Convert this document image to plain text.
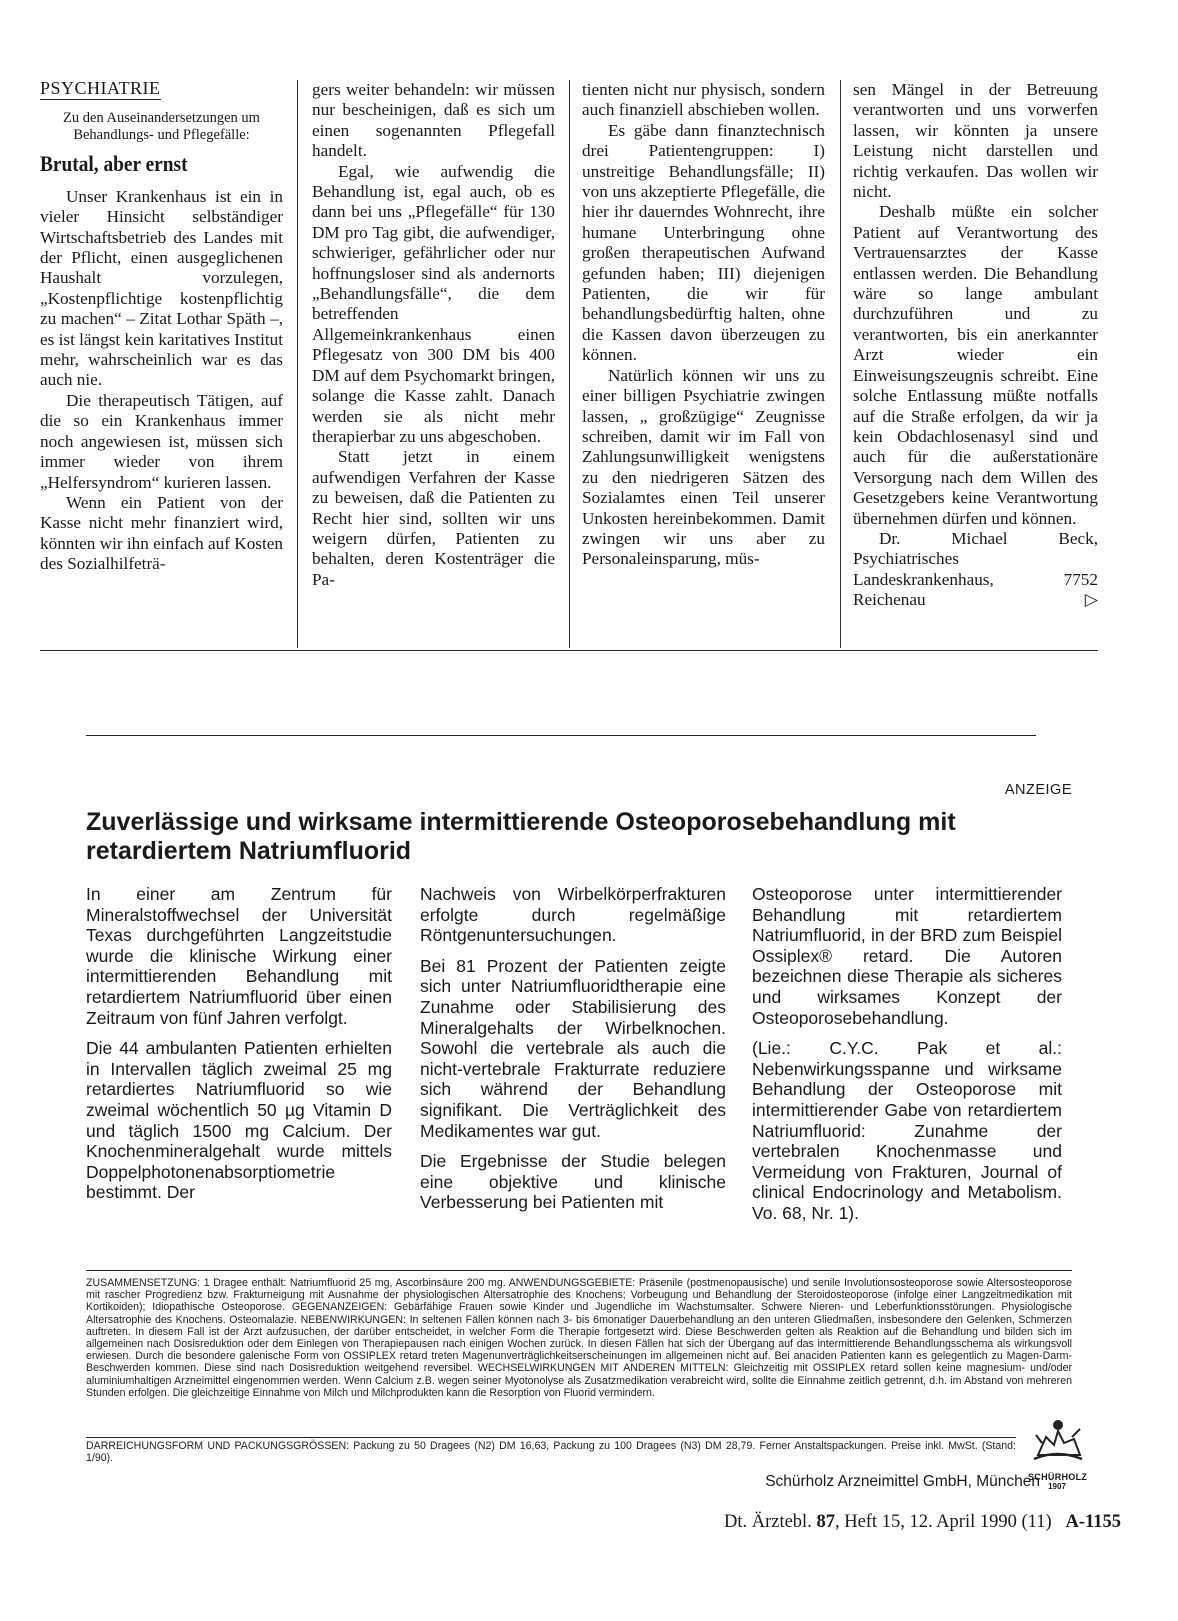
PSYCHIATRIE
Zu den Auseinandersetzungen um Behandlungs- und Pflegefälle:
Brutal, aber ernst

Unser Krankenhaus ist ein in vieler Hinsicht selbständiger Wirtschaftsbetrieb des Landes mit der Pflicht, einen ausgeglichenen Haushalt vorzulegen, „Kostenpflichtige kostenpflichtig zu machen“ – Zitat Lothar Späth –, es ist längst kein karitatives Institut mehr, wahrscheinlich war es das auch nie.

Die therapeutisch Tätigen, auf die so ein Krankenhaus immer noch angewiesen ist, müssen sich immer wieder von ihrem „Helfersyndrom“ kurieren lassen.

Wenn ein Patient von der Kasse nicht mehr finanziert wird, könnten wir ihn einfach auf Kosten des Sozialhilfeträ-

gers weiter behandeln: wir müssen nur bescheinigen, daß es sich um einen sogenannten Pflegefall handelt.

Egal, wie aufwendig die Behandlung ist, egal auch, ob es dann bei uns „Pflegefälle“ für 130 DM pro Tag gibt, die aufwendiger, schwieriger, gefährlicher oder nur hoffnungsloser sind als andernorts „Behandlungsfälle“, die dem betreffenden Allgemeinkrankenhaus einen Pflegesatz von 300 DM bis 400 DM auf dem Psychomarkt bringen, solange die Kasse zahlt. Danach werden sie als nicht mehr therapierbar zu uns abgeschoben.

Statt jetzt in einem aufwendigen Verfahren der Kasse zu beweisen, daß die Patienten zu Recht hier sind, sollten wir uns weigern dürfen, Patienten zu behalten, deren Kostenträger die Pa-

tienten nicht nur physisch, sondern auch finanziell abschieben wollen.

Es gäbe dann finanztechnisch drei Patientengruppen: I) unstreitige Behandlungsfälle; II) von uns akzeptierte Pflegefälle, die hier ihr dauerndes Wohnrecht, ihre humane Unterbringung ohne großen therapeutischen Aufwand gefunden haben; III) diejenigen Patienten, die wir für behandlungsbedürftig halten, ohne die Kassen davon überzeugen zu können.

Natürlich können wir uns zu einer billigen Psychiatrie zwingen lassen, „ großzügige“ Zeugnisse schreiben, damit wir im Fall von Zahlungsunwilligkeit wenigstens zu den niedrigeren Sätzen des Sozialamtes einen Teil unserer Unkosten hereinbekommen. Damit zwingen wir uns aber zu Personaleinsparung, müs-

sen Mängel in der Betreuung verantworten und uns vorwerfen lassen, wir könnten ja unsere Leistung nicht darstellen und richtig verkaufen. Das wollen wir nicht.

Deshalb müßte ein solcher Patient auf Verantwortung des Vertrauensarztes der Kasse entlassen werden. Die Behandlung wäre so lange ambulant durchzuführen und zu verantworten, bis ein anerkannter Arzt wieder ein Einweisungszeugnis schreibt. Eine solche Entlassung müßte notfalls auf die Straße erfolgen, da wir ja kein Obdachlosenasyl sind und auch für die außerstationäre Versorgung nach dem Willen des Gesetzgebers keine Verantwortung übernehmen dürfen und können.

Dr. Michael Beck, Psychiatrisches Landeskrankenhaus, 7752 Reichenau	▷

ANZEIGE
Zuverlässige und wirksame intermittierende Osteoporosebehandlung mit retardiertem Natriumfluorid

In einer am Zentrum für Mineralstoffwechsel der Universität Texas durchgeführten Langzeitstudie wurde die klinische Wirkung einer intermittierenden Behandlung mit retardiertem Natriumfluorid über einen Zeitraum von fünf Jahren verfolgt.

Die 44 ambulanten Patienten erhielten in Intervallen täglich zweimal 25 mg retardiertes Natriumfluorid so wie zweimal wöchentlich 50 µg Vitamin D und täglich 1500 mg Calcium. Der Knochenmineralgehalt wurde mittels Doppelphotonenabsorptiometrie bestimmt. Der

Nachweis von Wirbelkörperfrakturen erfolgte durch regelmäßige Röntgenuntersuchungen.

Bei 81 Prozent der Patienten zeigte sich unter Natriumfluoridtherapie eine Zunahme oder Stabilisierung des Mineralgehalts der Wirbelknochen. Sowohl die vertebrale als auch die nicht-vertebrale Frakturrate reduziere sich während der Behandlung signifikant. Die Verträglichkeit des Medikamentes war gut.

Die Ergebnisse der Studie belegen eine objektive und klinische Verbesserung bei Patienten mit

Osteoporose unter intermittierender Behandlung mit retardiertem Natriumfluorid, in der BRD zum Beispiel Ossiplex® retard. Die Autoren bezeichnen diese Therapie als sicheres und wirksames Konzept der Osteoporosebehandlung.

(Lie.: C.Y.C. Pak et al.: Nebenwirkungsspanne und wirksame Behandlung der Osteoporose mit intermittierender Gabe von retardiertem Natriumfluorid: Zunahme der vertebralen Knochenmasse und Vermeidung von Frakturen, Journal of clinical Endocrinology and Metabolism. Vo. 68, Nr. 1).

ZUSAMMENSETZUNG: 1 Dragee enthält: Natriumfluorid 25 mg, Ascorbinsäure 200 mg. ANWENDUNGSGEBIETE: Präsenile (postmenopausische) und senile Involutionsosteoporose sowie Altersosteoporose mit rascher Progredienz bzw. Frakturneigung mit Ausnahme der physiologischen Altersatrophie des Knochens; Vorbeugung und Behandlung der Steroidosteoporose (infolge einer Langzeitmedikation mit Kortikoiden); Idiopathische Osteoporose. GEGENANZEIGEN: Gebärfähige Frauen sowie Kinder und Jugendliche im Wachstumsalter. Schwere Nieren- und Leberfunktionsstörungen. Physiologische Altersatrophie des Knochens. Osteomalazie. NEBENWIRKUNGEN: In seltenen Fällen können nach 3- bis 6monatiger Dauerbehandlung an den unteren Gliedmaßen, insbesondere den Gelenken, Schmerzen auftreten. In diesem Fall ist der Arzt aufzusuchen, der darüber entscheidet, in welcher Form die Therapie fortgesetzt wird. Diese Beschwerden gelten als Reaktion auf die Behandlung und bilden sich im allgemeinen nach Dosisreduktion oder dem Einlegen von Therapiepausen nach einigen Wochen zurück. In diesen Fällen hat sich der Übergang auf das intermittierende Behandlungsschema als wirkungsvoll erwiesen. Durch die besondere galenische Form von OSSIPLEX retard treten Magenunverträglichkeitserscheinungen im allgemeinen nicht auf. Bei anaciden Patienten kann es gelegentlich zu Magen-Darm-Beschwerden kommen. Diese sind nach Dosisreduktion weitgehend reversibel. WECHSELWIRKUNGEN MIT ANDEREN MITTELN: Gleichzeitig mit OSSIPLEX retard sollen keine magnesium- und/oder aluminiumhaltigen Arzneimittel eingenommen werden. Wenn Calcium z.B. wegen seiner Myotonolyse als Zusatzmedikation verabreicht wird, sollte die Einnahme zeitlich getrennt, d.h. im Abstand von mehreren Stunden erfolgen. Die gleichzeitige Einnahme von Milch und Milchprodukten kann die Resorption von Fluorid vermindern.

DARREICHUNGSFORM UND PACKUNGSGRÖSSEN: Packung zu 50 Dragees (N2) DM 16,63, Packung zu 100 Dragees (N3) DM 28,79. Ferner Anstaltspackungen. Preise inkl. MwSt. (Stand: 1/90).

Schürholz Arzneimittel GmbH, München
SCHÜRHOLZ
1907
Dt. Ärztebl. 87, Heft 15, 12. April 1990 (11) A-1155
